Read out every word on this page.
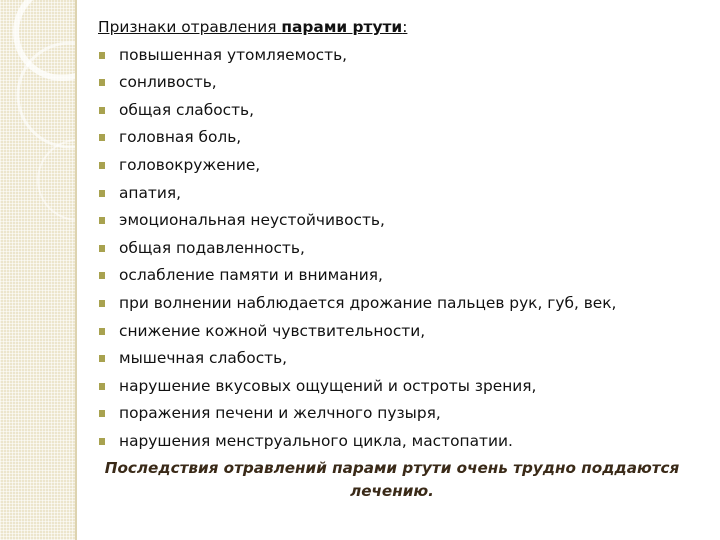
Признаки отравления парами ртути:
повышенная утомляемость,
сонливость,
общая слабость,
головная боль,
головокружение,
апатия,
эмоциональная неустойчивость,
общая подавленность,
ослабление памяти и внимания,
при волнении наблюдается дрожание пальцев рук, губ, век,
снижение кожной чувствительности,
мышечная слабость,
нарушение вкусовых ощущений и остроты зрения,
поражения печени и желчного пузыря,
нарушения менструального цикла, мастопатии.
Последствия отравлений парами ртути очень трудно поддаются лечению.
